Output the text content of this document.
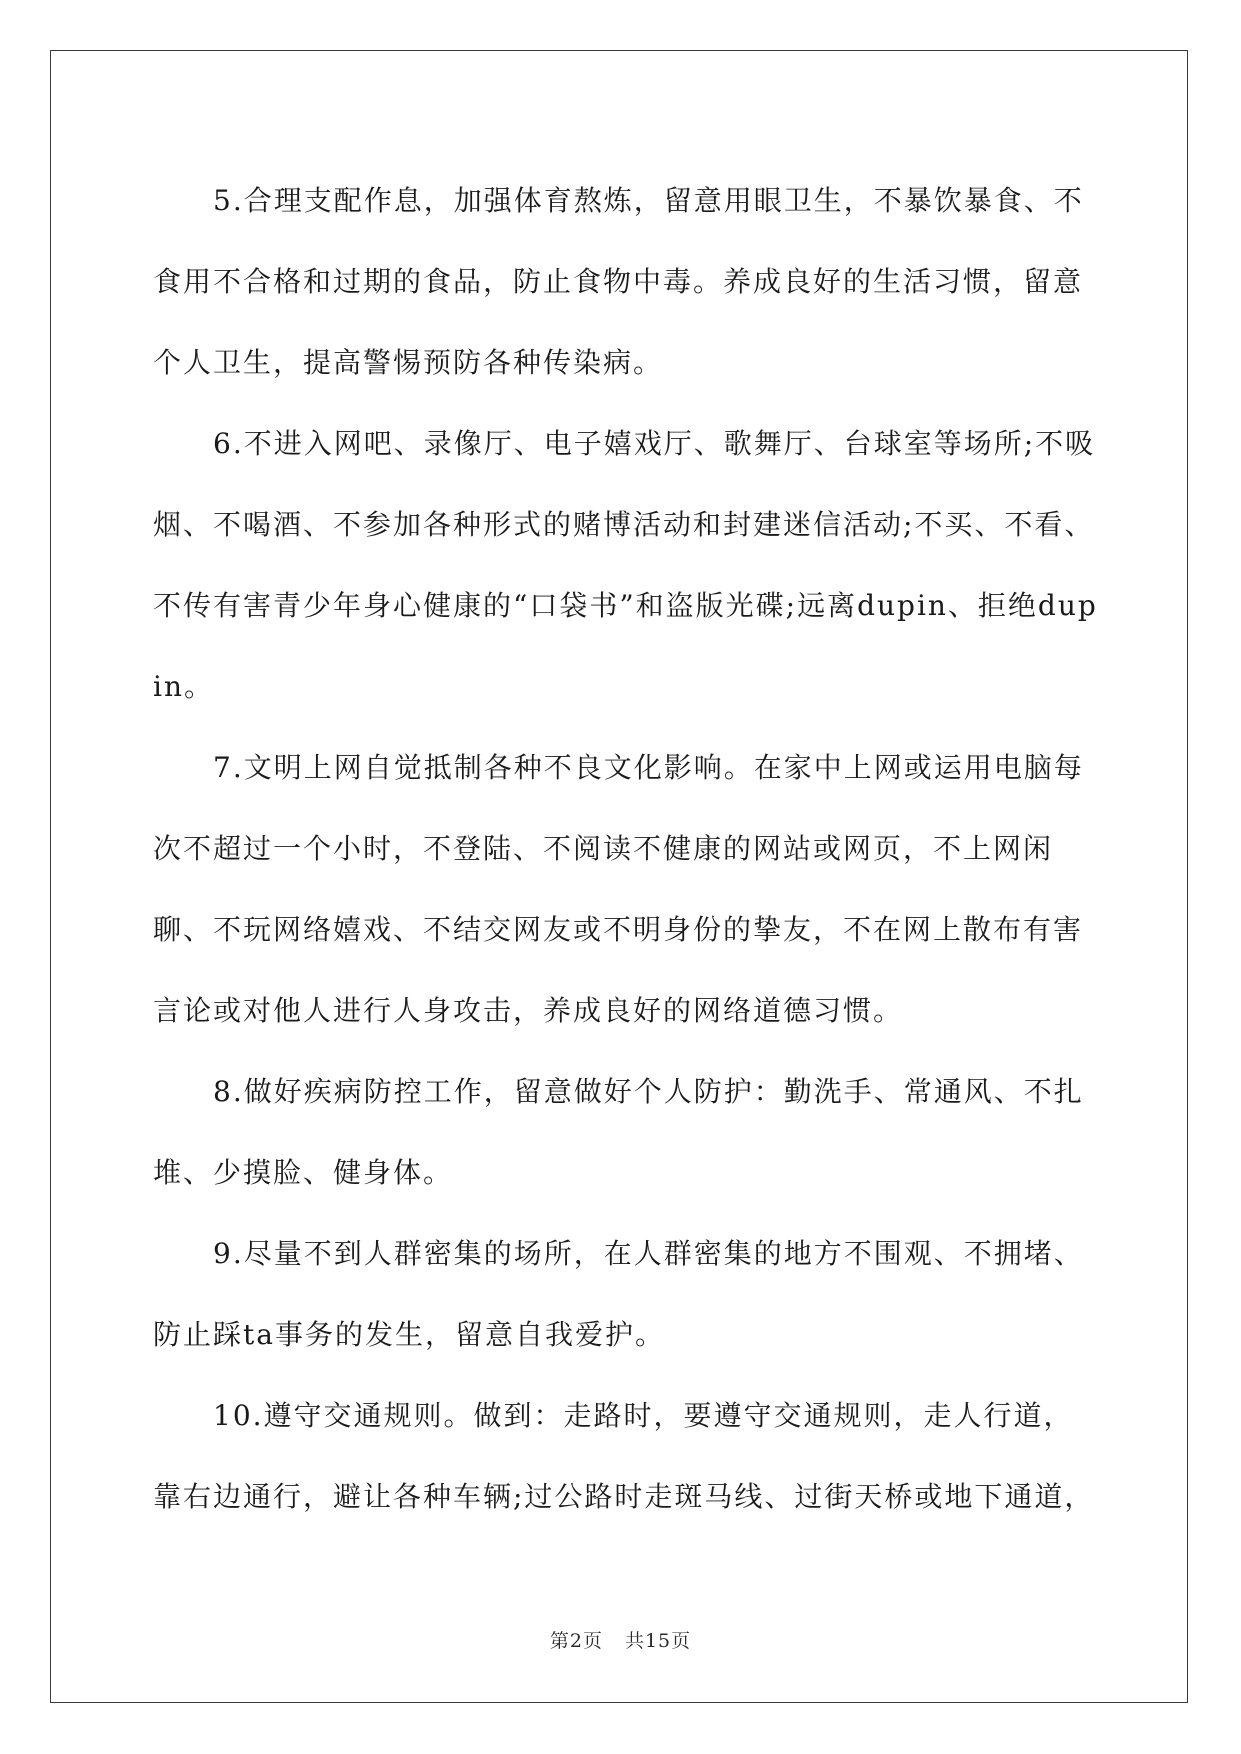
5.合理支配作息，加强体育熬炼，留意用眼卫生，不暴饮暴食、不食用不合格和过期的食品，防止食物中毒。养成良好的生活习惯，留意个人卫生，提高警惕预防各种传染病。

6.不进入网吧、录像厅、电子嬉戏厅、歌舞厅、台球室等场所;不吸烟、不喝酒、不参加各种形式的赌博活动和封建迷信活动;不买、不看、不传有害青少年身心健康的“口袋书”和盗版光碟;远离dupin、拒绝dupin。

7.文明上网自觉抵制各种不良文化影响。在家中上网或运用电脑每次不超过一个小时，不登陆、不阅读不健康的网站或网页，不上网闲聊、不玩网络嬉戏、不结交网友或不明身份的挚友，不在网上散布有害言论或对他人进行人身攻击，养成良好的网络道德习惯。

8.做好疾病防控工作，留意做好个人防护：勤洗手、常通风、不扎堆、少摸脸、健身体。

9.尽量不到人群密集的场所，在人群密集的地方不围观、不拥堵、防止踩ta事务的发生，留意自我爱护。

10.遵守交通规则。做到：走路时，要遵守交通规则，走人行道，靠右边通行，避让各种车辆;过公路时走斑马线、过街天桥或地下通道，

第2页 共15页
